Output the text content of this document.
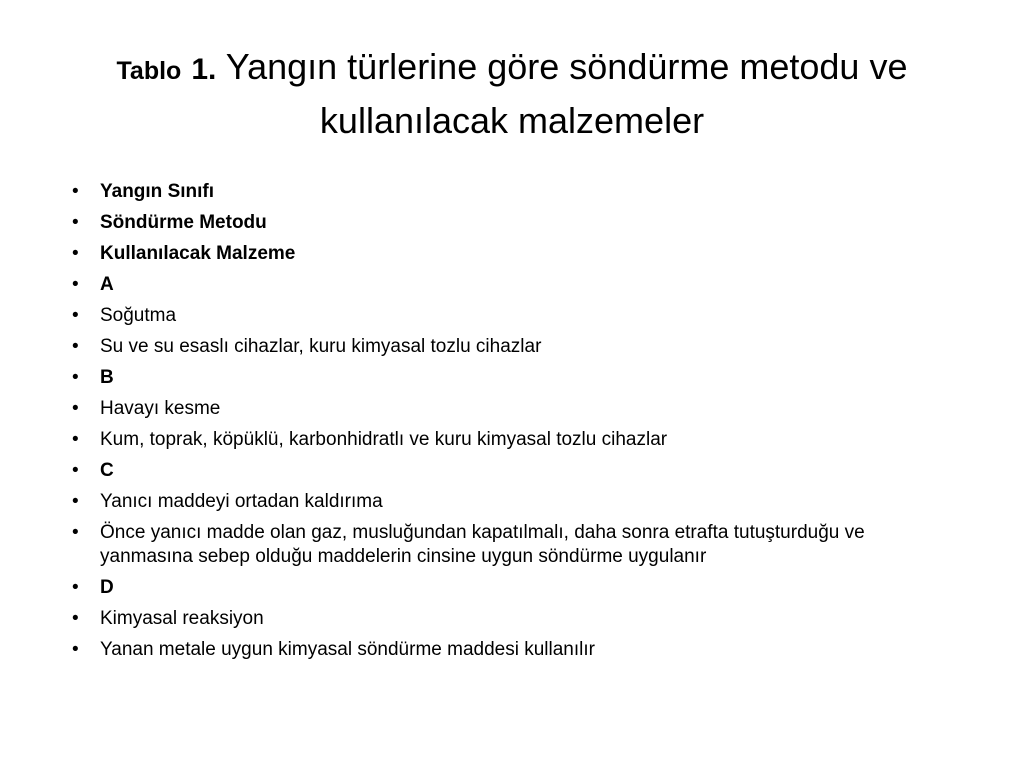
Tablo 1. Yangın türlerine göre söndürme metodu ve kullanılacak malzemeler
• Yangın Sınıfı
• Söndürme Metodu
• Kullanılacak Malzeme
• A
• Soğutma
• Su ve su esaslı cihazlar, kuru kimyasal tozlu cihazlar
• B
• Havayı kesme
• Kum, toprak, köpüklü, karbonhidratlı ve kuru kimyasal tozlu cihazlar
• C
• Yanıcı maddeyi ortadan kaldırıma
• Önce yanıcı madde olan gaz, musluğundan kapatılmalı, daha sonra etrafta tutuşturduğu ve yanmasına sebep olduğu maddelerin cinsine uygun söndürme uygulanır
• D
• Kimyasal reaksiyon
• Yanan metale uygun kimyasal söndürme maddesi kullanılır
